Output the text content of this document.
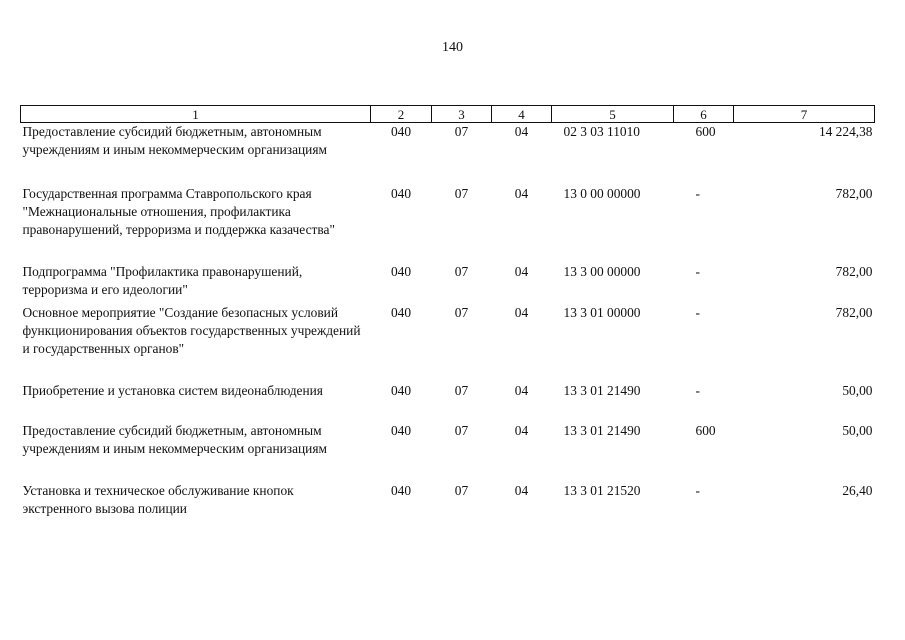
140
1	2	3	4	5	6	7
Предоставление субсидий бюджетным, автономным учреждениям и иным некоммерческим организациям	040	07	04	02 3 03 11010	600	14 224,38
Государственная программа Ставропольского края "Межнациональные отношения, профилактика правонарушений, терроризма и поддержка казачества"	040	07	04	13 0 00 00000	-	782,00
Подпрограмма "Профилактика правонарушений, терроризма и его идеологии"	040	07	04	13 3 00 00000	-	782,00
Основное мероприятие "Создание безопасных условий функционирования объектов государственных учреждений и государственных органов"	040	07	04	13 3 01 00000	-	782,00
Приобретение и установка систем видеонаблюдения	040	07	04	13 3 01 21490	-	50,00
Предоставление субсидий бюджетным, автономным учреждениям и иным некоммерческим организациям	040	07	04	13 3 01 21490	600	50,00
Установка и техническое обслуживание кнопок экстренного вызова полиции	040	07	04	13 3 01 21520	-	26,40
